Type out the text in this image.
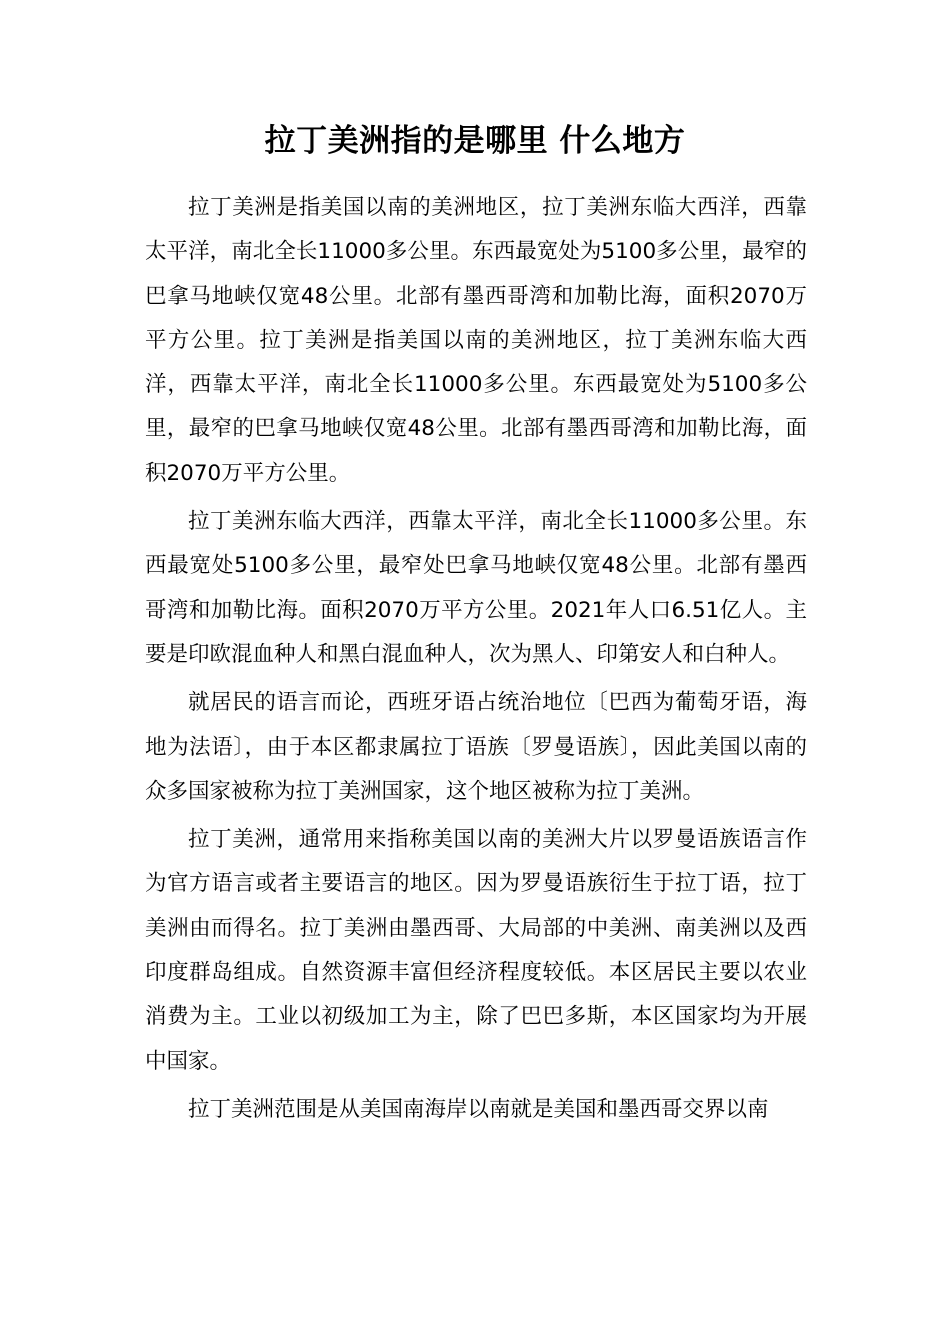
拉丁美洲指的是哪里 什么地方

拉丁美洲是指美国以南的美洲地区，拉丁美洲东临大西洋，西靠太平洋，南北全长11000多公里。东西最宽处为5100多公里，最窄的巴拿马地峡仅宽48公里。北部有墨西哥湾和加勒比海，面积2070万平方公里。拉丁美洲是指美国以南的美洲地区，拉丁美洲东临大西洋，西靠太平洋，南北全长11000多公里。东西最宽处为5100多公里，最窄的巴拿马地峡仅宽48公里。北部有墨西哥湾和加勒比海，面积2070万平方公里。

拉丁美洲东临大西洋，西靠太平洋，南北全长11000多公里。东西最宽处5100多公里，最窄处巴拿马地峡仅宽48公里。北部有墨西哥湾和加勒比海。面积2070万平方公里。2021年人口6.51亿人。主要是印欧混血种人和黑白混血种人，次为黑人、印第安人和白种人。

就居民的语言而论，西班牙语占统治地位〔巴西为葡萄牙语，海地为法语〕，由于本区都隶属拉丁语族〔罗曼语族〕，因此美国以南的众多国家被称为拉丁美洲国家，这个地区被称为拉丁美洲。

拉丁美洲，通常用来指称美国以南的美洲大片以罗曼语族语言作为官方语言或者主要语言的地区。因为罗曼语族衍生于拉丁语，拉丁美洲由而得名。拉丁美洲由墨西哥、大局部的中美洲、南美洲以及西印度群岛组成。自然资源丰富但经济程度较低。本区居民主要以农业消费为主。工业以初级加工为主，除了巴巴多斯，本区国家均为开展中国家。

拉丁美洲范围是从美国南海岸以南就是美国和墨西哥交界以南
